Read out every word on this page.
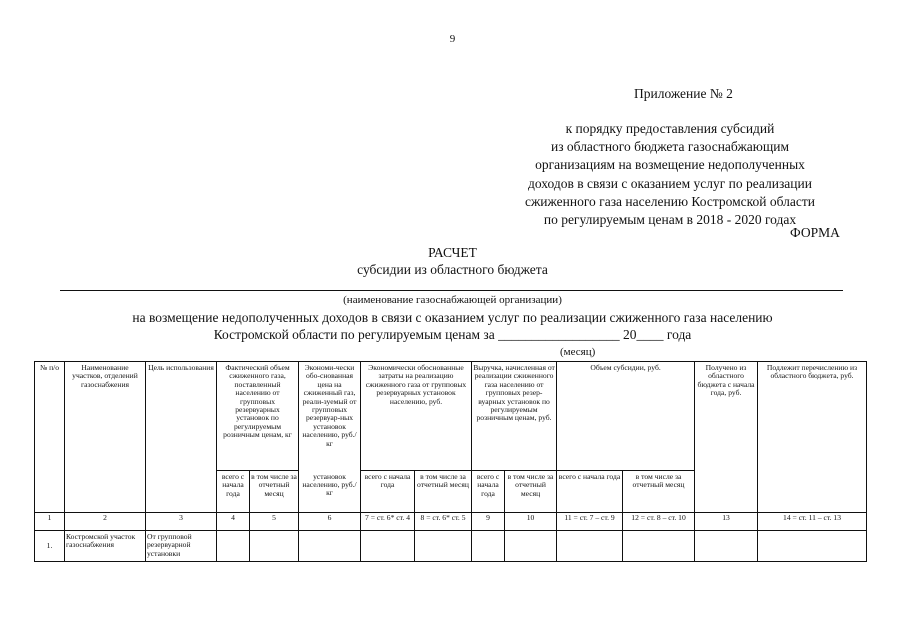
9
Приложение № 2
к порядку предоставления субсидий
из областного бюджета газоснабжающим
организациям на возмещение недополученных
доходов в связи с оказанием услуг по реализации
сжиженного газа населению Костромской области
по регулируемым ценам в 2018 - 2020 годах
ФОРМА
РАСЧЕТ
субсидии из областного бюджета
(наименование газоснабжающей организации)
на возмещение недополученных доходов в связи с оказанием услуг по реализации сжиженного газа населению
Костромской области по регулируемым ценам за __________________ 20____ года
(месяц)
№ п/о	Наименование участков, отделений газоснабжения	Цель использования	Фактический объем сжиженного газа, поставленный населению от групповых резервуарных установок по регулируемым розничным ценам, кг		Экономи-чески обо-снованная цена на сжиженный газ, реали-зуемый от групповых резервуар-ных установок населению, руб./кг	Экономически обоснованные затраты на реализацию сжиженного газа от групповых резервуарных установок населению, руб.		Выручка, начисленная от реализации сжиженного газа населению от групповых резер-вуарных установок по регулируемым розничным ценам, руб.		Объем субсидии, руб.		Получено из областного бюджета с начала года, руб.	Подлежит перечислению из областного бюджета, руб.
			всего с начала года	в том числе за отчетный месяц	установок населению, руб./кг	всего с начала года	в том числе за отчетный месяц	всего с начала года	в том числе за отчетный месяц	всего с начала года	в том числе за отчетный месяц		
1	2	3	4	5	6	7 = ст. 6* ст. 4	8 = ст. 6* ст. 5	9	10	11 = ст. 7 – ст. 9	12 = ст. 8 – ст. 10	13	14 = ст. 11 – ст. 13
1.	Костромской участок газоснабжения	От групповой резервуарной установки											
